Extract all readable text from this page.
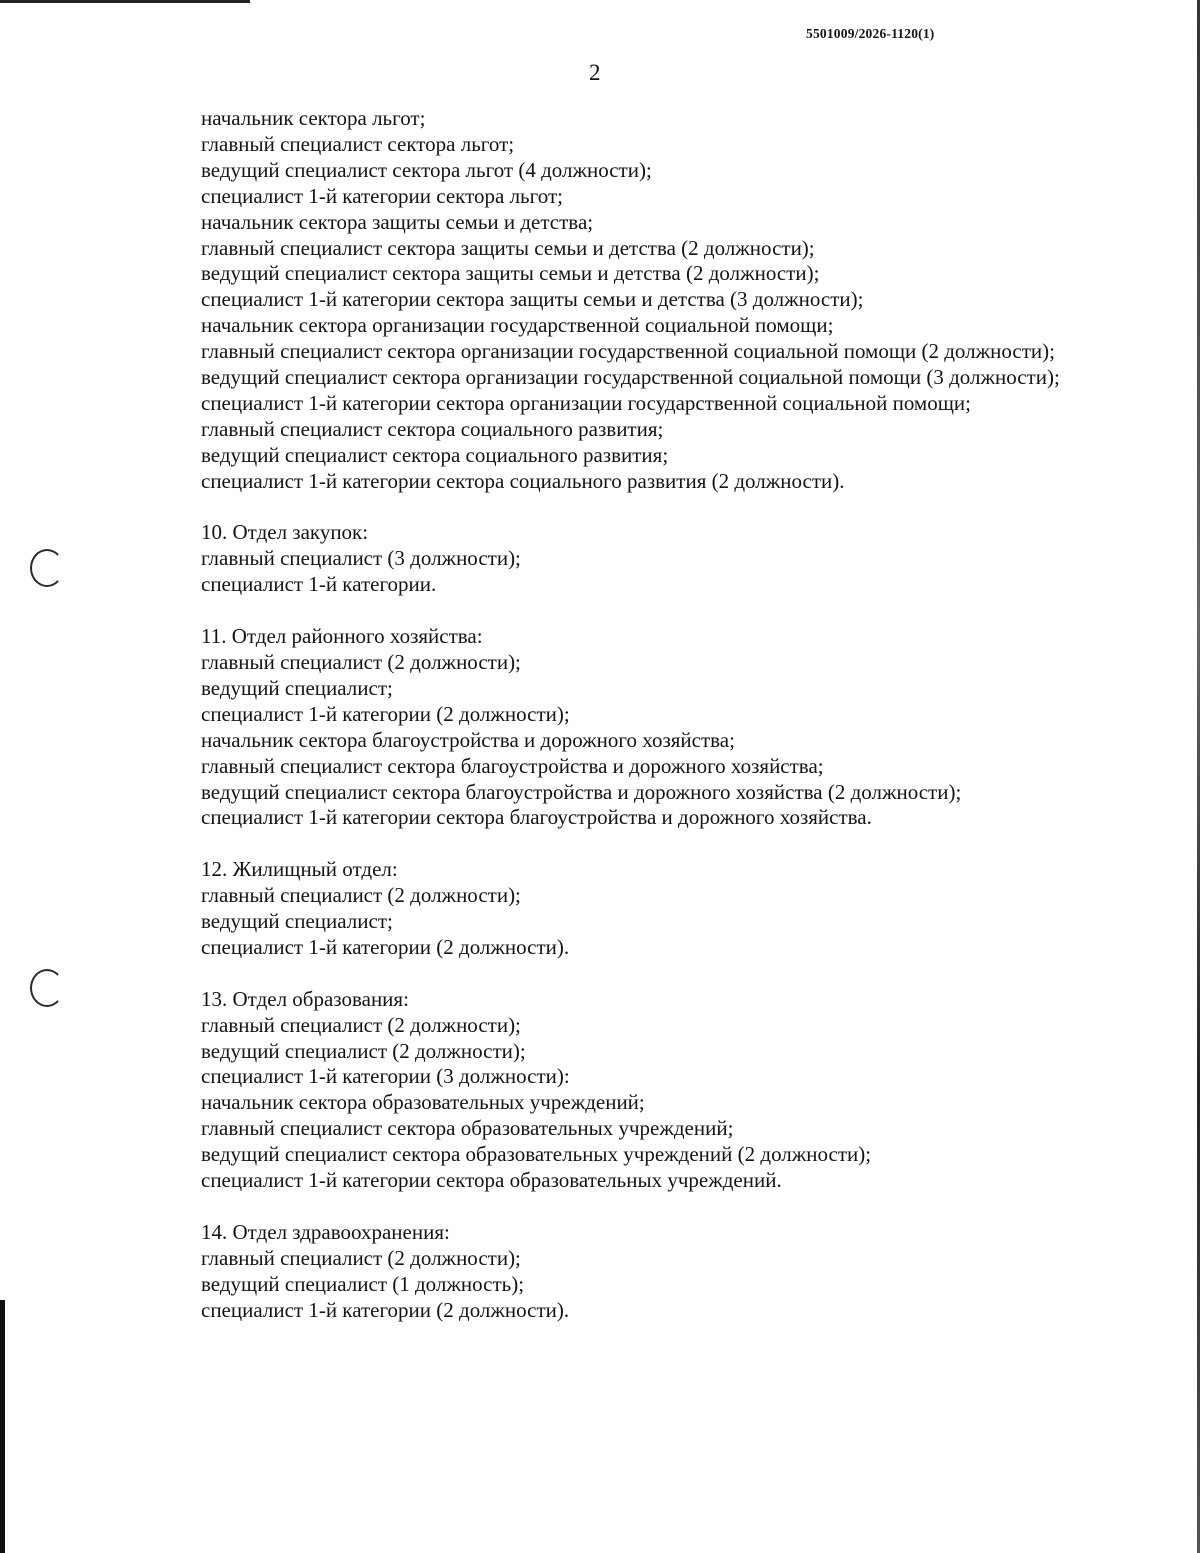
5501009/2026-1120(1)
2
начальник сектора льгот;
главный специалист сектора льгот;
ведущий специалист сектора льгот (4 должности);
специалист 1-й категории сектора льгот;
начальник сектора защиты семьи и детства;
главный специалист сектора защиты семьи и детства (2 должности);
ведущий специалист сектора защиты семьи и детства (2 должности);
специалист 1-й категории сектора защиты семьи и детства (3 должности);
начальник сектора организации государственной социальной помощи;
главный специалист сектора организации государственной социальной помощи (2 должности);
ведущий специалист сектора организации государственной социальной помощи (3 должности);
специалист 1-й категории сектора организации государственной социальной помощи;
главный специалист сектора социального развития;
ведущий специалист сектора социального развития;
специалист 1-й категории сектора социального развития (2 должности).
10. Отдел закупок:
главный специалист (3 должности);
специалист 1-й категории.
11. Отдел районного хозяйства:
главный специалист (2 должности);
ведущий специалист;
специалист 1-й категории (2 должности);
начальник сектора благоустройства и дорожного хозяйства;
главный специалист сектора благоустройства и дорожного хозяйства;
ведущий специалист сектора благоустройства и дорожного хозяйства (2 должности);
специалист 1-й категории сектора благоустройства и дорожного хозяйства.
12. Жилищный отдел:
главный специалист (2 должности);
ведущий специалист;
специалист 1-й категории (2 должности).
13. Отдел образования:
главный специалист (2 должности);
ведущий специалист (2 должности);
специалист 1-й категории (3 должности):
начальник сектора образовательных учреждений;
главный специалист сектора образовательных учреждений;
ведущий специалист сектора образовательных учреждений (2 должности);
специалист 1-й категории сектора образовательных учреждений.
14. Отдел здравоохранения:
главный специалист (2 должности);
ведущий специалист (1 должность);
специалист 1-й категории (2 должности).
